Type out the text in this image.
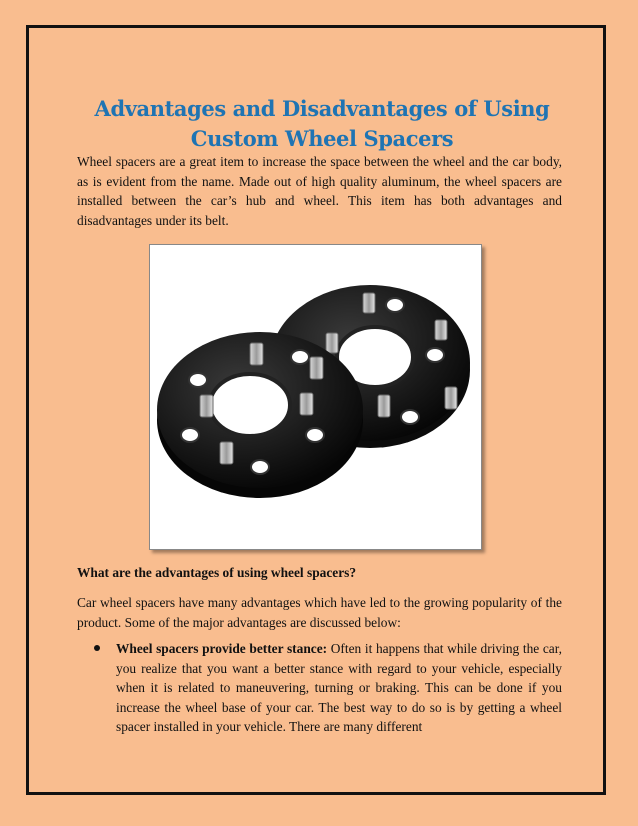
Advantages and Disadvantages of Using Custom Wheel Spacers

Wheel spacers are a great item to increase the space between the wheel and the car body, as is evident from the name. Made out of high quality aluminum, the wheel spacers are installed between the car’s hub and wheel. This item has both advantages and disadvantages under its belt.

What are the advantages of using wheel spacers?

Car wheel spacers have many advantages which have led to the growing popularity of the product. Some of the major advantages are discussed below:

Wheel spacers provide better stance: Often it happens that while driving the car, you realize that you want a better stance with regard to your vehicle, especially when it is related to maneuvering, turning or braking. This can be done if you increase the wheel base of your car. The best way to do so is by getting a wheel spacer installed in your vehicle. There are many different
